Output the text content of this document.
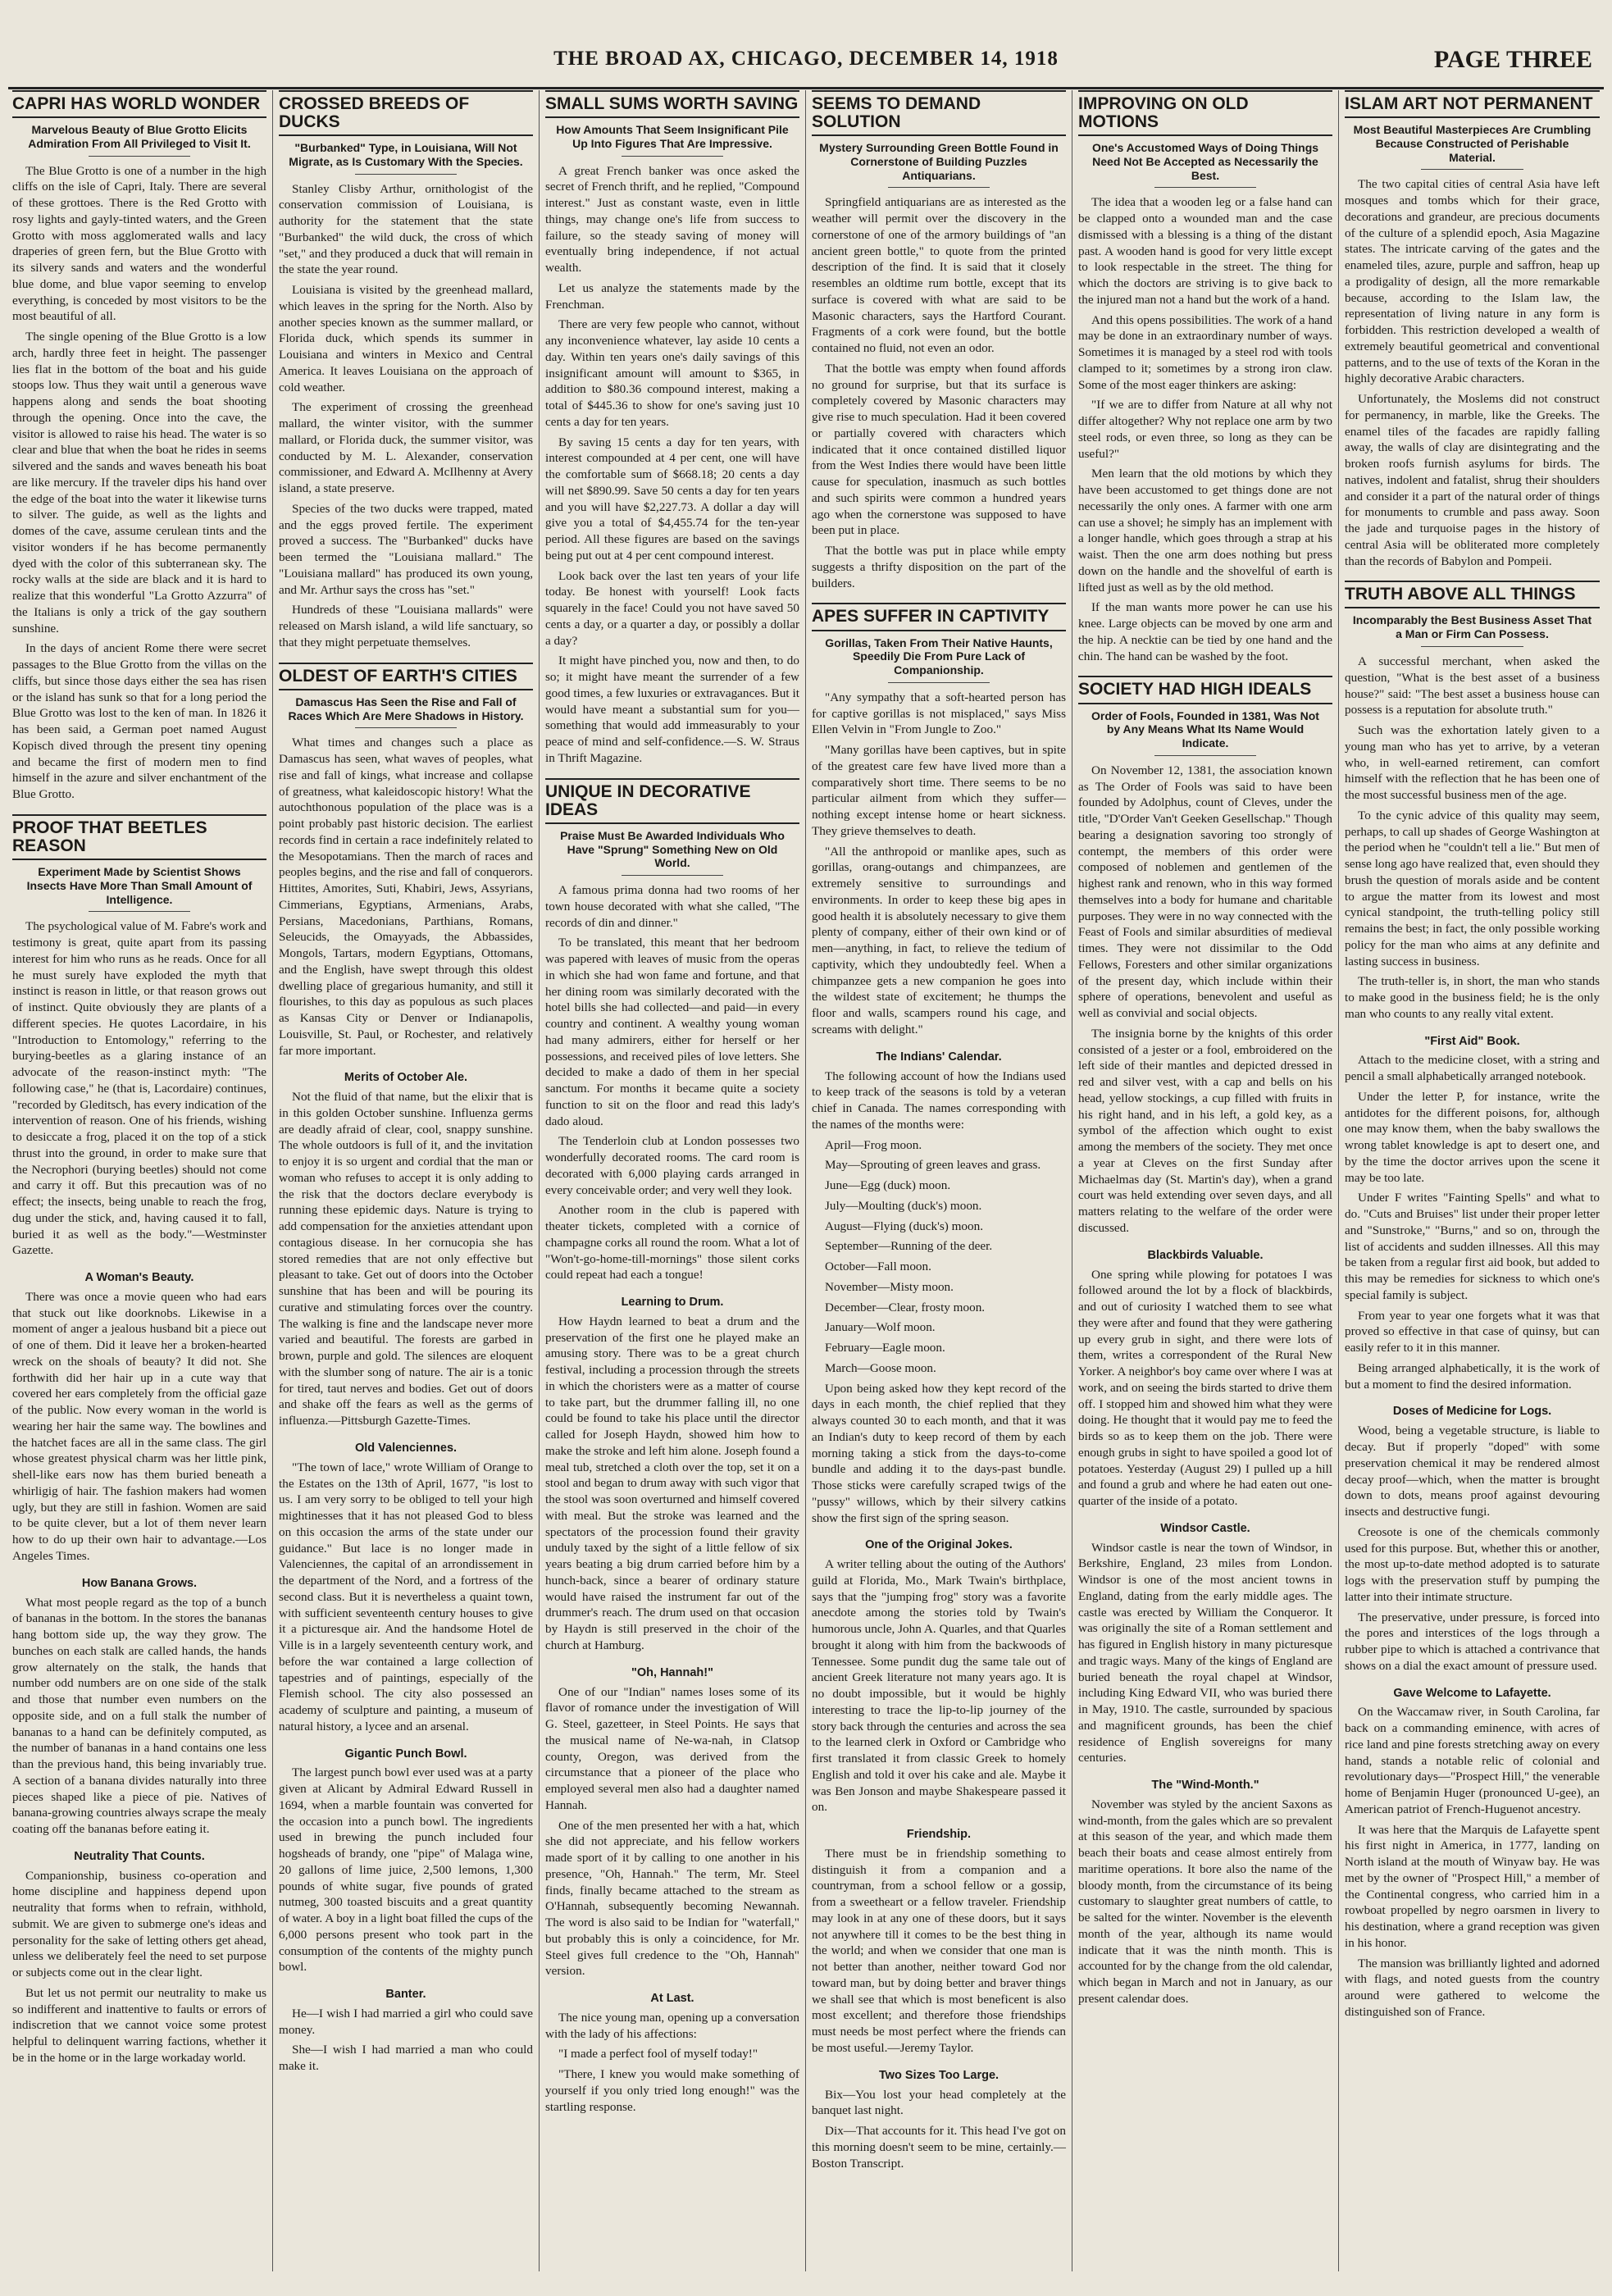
THE BROAD AX, CHICAGO, DECEMBER 14, 1918	PAGE THREE
CAPRI HAS WORLD WONDER
Marvelous Beauty of Blue Grotto Elicits Admiration From All Privileged to Visit It.

The Blue Grotto is one of a number in the high cliffs on the isle of Capri, Italy. There are several of these grottoes. There is the Red Grotto with rosy lights and gayly-tinted waters, and the Green Grotto with moss agglomerated walls and lacy draperies of green fern, but the Blue Grotto with its silvery sands and waters and the wonderful blue dome, and blue vapor seeming to envelop everything, is conceded by most visitors to be the most beautiful of all.

The single opening of the Blue Grotto is a low arch, hardly three feet in height. The passenger lies flat in the bottom of the boat and his guide stoops low. Thus they wait until a generous wave happens along and sends the boat shooting through the opening. Once into the cave, the visitor is allowed to raise his head. The water is so clear and blue that when the boat he rides in seems silvered and the sands and waves beneath his boat are like mercury. If the traveler dips his hand over the edge of the boat into the water it likewise turns to silver. The guide, as well as the lights and domes of the cave, assume cerulean tints and the visitor wonders if he has become permanently dyed with the color of this subterranean sky. The rocky walls at the side are black and it is hard to realize that this wonderful "La Grotto Azzurra" of the Italians is only a trick of the gay southern sunshine.

In the days of ancient Rome there were secret passages to the Blue Grotto from the villas on the cliffs, but since those days either the sea has risen or the island has sunk so that for a long period the Blue Grotto was lost to the ken of man. In 1826 it has been said, a German poet named August Kopisch dived through the present tiny opening and became the first of modern men to find himself in the azure and silver enchantment of the Blue Grotto.

PROOF THAT BEETLES REASON
Experiment Made by Scientist Shows Insects Have More Than Small Amount of Intelligence.

The psychological value of M. Fabre's work and testimony is great, quite apart from its passing interest for him who runs as he reads. Once for all he must surely have exploded the myth that instinct is reason in little, or that reason grows out of instinct. Quite obviously they are plants of a different species. He quotes Lacordaire, in his "Introduction to Entomology," referring to the burying-beetles as a glaring instance of an advocate of the reason-instinct myth: "The following case," he (that is, Lacordaire) continues, "recorded by Gleditsch, has every indication of the intervention of reason. One of his friends, wishing to desiccate a frog, placed it on the top of a stick thrust into the ground, in order to make sure that the Necrophori (burying beetles) should not come and carry it off. But this precaution was of no effect; the insects, being unable to reach the frog, dug under the stick, and, having caused it to fall, buried it as well as the body."—Westminster Gazette.

A Woman's Beauty.

There was once a movie queen who had ears that stuck out like doorknobs. Likewise in a moment of anger a jealous husband bit a piece out of one of them. Did it leave her a broken-hearted wreck on the shoals of beauty? It did not. She forthwith did her hair up in a cute way that covered her ears completely from the official gaze of the public. Now every woman in the world is wearing her hair the same way. The bowlines and the hatchet faces are all in the same class. The girl whose greatest physical charm was her little pink, shell-like ears now has them buried beneath a whirligig of hair. The fashion makers had women ugly, but they are still in fashion. Women are said to be quite clever, but a lot of them never learn how to do up their own hair to advantage.—Los Angeles Times.

How Banana Grows.

What most people regard as the top of a bunch of bananas in the bottom. In the stores the bananas hang bottom side up, the way they grow. The bunches on each stalk are called hands, the hands grow alternately on the stalk, the hands that number odd numbers are on one side of the stalk and those that number even numbers on the opposite side, and on a full stalk the number of bananas to a hand can be definitely computed, as the number of bananas in a hand contains one less than the previous hand, this being invariably true. A section of a banana divides naturally into three pieces shaped like a piece of pie. Natives of banana-growing countries always scrape the mealy coating off the bananas before eating it.

Neutrality That Counts.

Companionship, business co-operation and home discipline and happiness depend upon neutrality that forms when to refrain, withhold, submit. We are given to submerge one's ideas and personality for the sake of letting others get ahead, unless we deliberately feel the need to set purpose or subjects come out in the clear light.

But let us not permit our neutrality to make us so indifferent and inattentive to faults or errors of indiscretion that we cannot voice some protest helpful to delinquent warring factions, whether it be in the home or in the large workaday world.

CROSSED BREEDS OF DUCKS
"Burbanked" Type, in Louisiana, Will Not Migrate, as Is Customary With the Species.

Stanley Clisby Arthur, ornithologist of the conservation commission of Louisiana, is authority for the statement that the state "Burbanked" the wild duck, the cross of which "set," and they produced a duck that will remain in the state the year round.

Louisiana is visited by the greenhead mallard, which leaves in the spring for the North. Also by another species known as the summer mallard, or Florida duck, which spends its summer in Louisiana and winters in Mexico and Central America. It leaves Louisiana on the approach of cold weather.

The experiment of crossing the greenhead mallard, the winter visitor, with the summer mallard, or Florida duck, the summer visitor, was conducted by M. L. Alexander, conservation commissioner, and Edward A. McIlhenny at Avery island, a state preserve.

Species of the two ducks were trapped, mated and the eggs proved fertile. The experiment proved a success. The "Burbanked" ducks have been termed the "Louisiana mallard." The "Louisiana mallard" has produced its own young, and Mr. Arthur says the cross has "set."

Hundreds of these "Louisiana mallards" were released on Marsh island, a wild life sanctuary, so that they might perpetuate themselves.

OLDEST OF EARTH'S CITIES
Damascus Has Seen the Rise and Fall of Races Which Are Mere Shadows in History.

What times and changes such a place as Damascus has seen, what waves of peoples, what rise and fall of kings, what increase and collapse of greatness, what kaleidoscopic history! What the autochthonous population of the place was is a point probably past historic decision. The earliest records find in certain a race indefinitely related to the Mesopotamians. Then the march of races and peoples begins, and the rise and fall of conquerors. Hittites, Amorites, Suti, Khabiri, Jews, Assyrians, Cimmerians, Egyptians, Armenians, Arabs, Persians, Macedonians, Parthians, Romans, Seleucids, the Omayyads, the Abbassides, Mongols, Tartars, modern Egyptians, Ottomans, and the English, have swept through this oldest dwelling place of gregarious humanity, and still it flourishes, to this day as populous as such places as Kansas City or Denver or Indianapolis, Louisville, St. Paul, or Rochester, and relatively far more important.

Merits of October Ale.

Not the fluid of that name, but the elixir that is in this golden October sunshine. Influenza germs are deadly afraid of clear, cool, snappy sunshine. The whole outdoors is full of it, and the invitation to enjoy it is so urgent and cordial that the man or woman who refuses to accept it is only adding to the risk that the doctors declare everybody is running these epidemic days. Nature is trying to add compensation for the anxieties attendant upon contagious disease. In her cornucopia she has stored remedies that are not only effective but pleasant to take. Get out of doors into the October sunshine that has been and will be pouring its curative and stimulating forces over the country. The walking is fine and the landscape never more varied and beautiful. The forests are garbed in brown, purple and gold. The silences are eloquent with the slumber song of nature. The air is a tonic for tired, taut nerves and bodies. Get out of doors and shake off the fears as well as the germs of influenza.—Pittsburgh Gazette-Times.

Old Valenciennes.

"The town of lace," wrote William of Orange to the Estates on the 13th of April, 1677, "is lost to us. I am very sorry to be obliged to tell your high mightinesses that it has not pleased God to bless on this occasion the arms of the state under our guidance." But lace is no longer made in Valenciennes, the capital of an arrondissement in the department of the Nord, and a fortress of the second class. But it is nevertheless a quaint town, with sufficient seventeenth century houses to give it a picturesque air. And the handsome Hotel de Ville is in a largely seventeenth century work, and before the war contained a large collection of tapestries and of paintings, especially of the Flemish school. The city also possessed an academy of sculpture and painting, a museum of natural history, a lycee and an arsenal.

Gigantic Punch Bowl.

The largest punch bowl ever used was at a party given at Alicant by Admiral Edward Russell in 1694, when a marble fountain was converted for the occasion into a punch bowl. The ingredients used in brewing the punch included four hogsheads of brandy, one "pipe" of Malaga wine, 20 gallons of lime juice, 2,500 lemons, 1,300 pounds of white sugar, five pounds of grated nutmeg, 300 toasted biscuits and a great quantity of water. A boy in a light boat filled the cups of the 6,000 persons present who took part in the consumption of the contents of the mighty punch bowl.

Banter.

He—I wish I had married a girl who could save money.

She—I wish I had married a man who could make it.

SMALL SUMS WORTH SAVING
How Amounts That Seem Insignificant Pile Up Into Figures That Are Impressive.

A great French banker was once asked the secret of French thrift, and he replied, "Compound interest." Just as constant waste, even in little things, may change one's life from success to failure, so the steady saving of money will eventually bring independence, if not actual wealth.

Let us analyze the statements made by the Frenchman.

There are very few people who cannot, without any inconvenience whatever, lay aside 10 cents a day. Within ten years one's daily savings of this insignificant amount will amount to $365, in addition to $80.36 compound interest, making a total of $445.36 to show for one's saving just 10 cents a day for ten years.

By saving 15 cents a day for ten years, with interest compounded at 4 per cent, one will have the comfortable sum of $668.18; 20 cents a day will net $890.99. Save 50 cents a day for ten years and you will have $2,227.73. A dollar a day will give you a total of $4,455.74 for the ten-year period. All these figures are based on the savings being put out at 4 per cent compound interest.

Look back over the last ten years of your life today. Be honest with yourself! Look facts squarely in the face! Could you not have saved 50 cents a day, or a quarter a day, or possibly a dollar a day?

It might have pinched you, now and then, to do so; it might have meant the surrender of a few good times, a few luxuries or extravagances. But it would have meant a substantial sum for you—something that would add immeasurably to your peace of mind and self-confidence.—S. W. Straus in Thrift Magazine.

UNIQUE IN DECORATIVE IDEAS
Praise Must Be Awarded Individuals Who Have "Sprung" Something New on Old World.

A famous prima donna had two rooms of her town house decorated with what she called, "The records of din and dinner."

To be translated, this meant that her bedroom was papered with leaves of music from the operas in which she had won fame and fortune, and that her dining room was similarly decorated with the hotel bills she had collected—and paid—in every country and continent. A wealthy young woman had many admirers, either for herself or her possessions, and received piles of love letters. She decided to make a dado of them in her special sanctum. For months it became quite a society function to sit on the floor and read this lady's dado aloud.

The Tenderloin club at London possesses two wonderfully decorated rooms. The card room is decorated with 6,000 playing cards arranged in every conceivable order; and very well they look.

Another room in the club is papered with theater tickets, completed with a cornice of champagne corks all round the room. What a lot of "Won't-go-home-till-mornings" those silent corks could repeat had each a tongue!

Learning to Drum.

How Haydn learned to beat a drum and the preservation of the first one he played make an amusing story. There was to be a great church festival, including a procession through the streets in which the choristers were as a matter of course to take part, but the drummer falling ill, no one could be found to take his place until the director called for Joseph Haydn, showed him how to make the stroke and left him alone. Joseph found a meal tub, stretched a cloth over the top, set it on a stool and began to drum away with such vigor that the stool was soon overturned and himself covered with meal. But the stroke was learned and the spectators of the procession found their gravity unduly taxed by the sight of a little fellow of six years beating a big drum carried before him by a hunch-back, since a bearer of ordinary stature would have raised the instrument far out of the drummer's reach. The drum used on that occasion by Haydn is still preserved in the choir of the church at Hamburg.

"Oh, Hannah!"

One of our "Indian" names loses some of its flavor of romance under the investigation of Will G. Steel, gazetteer, in Steel Points. He says that the musical name of Ne-wa-nah, in Clatsop county, Oregon, was derived from the circumstance that a pioneer of the place who employed several men also had a daughter named Hannah.

One of the men presented her with a hat, which she did not appreciate, and his fellow workers made sport of it by calling to one another in his presence, "Oh, Hannah." The term, Mr. Steel finds, finally became attached to the stream as O'Hannah, subsequently becoming Newannah. The word is also said to be Indian for "waterfall," but probably this is only a coincidence, for Mr. Steel gives full credence to the "Oh, Hannah" version.

At Last.

The nice young man, opening up a conversation with the lady of his affections:

"I made a perfect fool of myself today!"

"There, I knew you would make something of yourself if you only tried long enough!" was the startling response.

SEEMS TO DEMAND SOLUTION
Mystery Surrounding Green Bottle Found in Cornerstone of Building Puzzles Antiquarians.

Springfield antiquarians are as interested as the weather will permit over the discovery in the cornerstone of one of the armory buildings of "an ancient green bottle," to quote from the printed description of the find. It is said that it closely resembles an oldtime rum bottle, except that its surface is covered with what are said to be Masonic characters, says the Hartford Courant. Fragments of a cork were found, but the bottle contained no fluid, not even an odor.

That the bottle was empty when found affords no ground for surprise, but that its surface is completely covered by Masonic characters may give rise to much speculation. Had it been covered or partially covered with characters which indicated that it once contained distilled liquor from the West Indies there would have been little cause for speculation, inasmuch as such bottles and such spirits were common a hundred years ago when the cornerstone was supposed to have been put in place.

That the bottle was put in place while empty suggests a thrifty disposition on the part of the builders.

APES SUFFER IN CAPTIVITY
Gorillas, Taken From Their Native Haunts, Speedily Die From Pure Lack of Companionship.

"Any sympathy that a soft-hearted person has for captive gorillas is not misplaced," says Miss Ellen Velvin in "From Jungle to Zoo."

"Many gorillas have been captives, but in spite of the greatest care few have lived more than a comparatively short time. There seems to be no particular ailment from which they suffer—nothing except intense home or heart sickness. They grieve themselves to death.

"All the anthropoid or manlike apes, such as gorillas, orang-outangs and chimpanzees, are extremely sensitive to surroundings and environments. In order to keep these big apes in good health it is absolutely necessary to give them plenty of company, either of their own kind or of men—anything, in fact, to relieve the tedium of captivity, which they undoubtedly feel. When a chimpanzee gets a new companion he goes into the wildest state of excitement; he thumps the floor and walls, scampers round his cage, and screams with delight."

The Indians' Calendar.

The following account of how the Indians used to keep track of the seasons is told by a veteran chief in Canada. The names corresponding with the names of the months were:

April—Frog moon.

May—Sprouting of green leaves and grass.

June—Egg (duck) moon.

July—Moulting (duck's) moon.

August—Flying (duck's) moon.

September—Running of the deer.

October—Fall moon.

November—Misty moon.

December—Clear, frosty moon.

January—Wolf moon.

February—Eagle moon.

March—Goose moon.

Upon being asked how they kept record of the days in each month, the chief replied that they always counted 30 to each month, and that it was an Indian's duty to keep record of them by each morning taking a stick from the days-to-come bundle and adding it to the days-past bundle. Those sticks were carefully scraped twigs of the "pussy" willows, which by their silvery catkins show the first sign of the spring season.

One of the Original Jokes.

A writer telling about the outing of the Authors' guild at Florida, Mo., Mark Twain's birthplace, says that the "jumping frog" story was a favorite anecdote among the stories told by Twain's humorous uncle, John A. Quarles, and that Quarles brought it along with him from the backwoods of Tennessee. Some pundit dug the same tale out of ancient Greek literature not many years ago. It is no doubt impossible, but it would be highly interesting to trace the lip-to-lip journey of the story back through the centuries and across the sea to the learned clerk in Oxford or Cambridge who first translated it from classic Greek to homely English and told it over his cake and ale. Maybe it was Ben Jonson and maybe Shakespeare passed it on.

Friendship.

There must be in friendship something to distinguish it from a companion and a countryman, from a school fellow or a gossip, from a sweetheart or a fellow traveler. Friendship may look in at any one of these doors, but it says not anywhere till it comes to be the best thing in the world; and when we consider that one man is not better than another, neither toward God nor toward man, but by doing better and braver things we shall see that which is most beneficent is also most excellent; and therefore those friendships must needs be most perfect where the friends can be most useful.—Jeremy Taylor.

Two Sizes Too Large.

Bix—You lost your head completely at the banquet last night.

Dix—That accounts for it. This head I've got on this morning doesn't seem to be mine, certainly.—Boston Transcript.

IMPROVING ON OLD MOTIONS
One's Accustomed Ways of Doing Things Need Not Be Accepted as Necessarily the Best.

The idea that a wooden leg or a false hand can be clapped onto a wounded man and the case dismissed with a blessing is a thing of the distant past. A wooden hand is good for very little except to look respectable in the street. The thing for which the doctors are striving is to give back to the injured man not a hand but the work of a hand.

And this opens possibilities. The work of a hand may be done in an extraordinary number of ways. Sometimes it is managed by a steel rod with tools clamped to it; sometimes by a strong iron claw. Some of the most eager thinkers are asking:

"If we are to differ from Nature at all why not differ altogether? Why not replace one arm by two steel rods, or even three, so long as they can be useful?"

Men learn that the old motions by which they have been accustomed to get things done are not necessarily the only ones. A farmer with one arm can use a shovel; he simply has an implement with a longer handle, which goes through a strap at his waist. Then the one arm does nothing but press down on the handle and the shovelful of earth is lifted just as well as by the old method.

If the man wants more power he can use his knee. Large objects can be moved by one arm and the hip. A necktie can be tied by one hand and the chin. The hand can be washed by the foot.

SOCIETY HAD HIGH IDEALS
Order of Fools, Founded in 1381, Was Not by Any Means What Its Name Would Indicate.

On November 12, 1381, the association known as The Order of Fools was said to have been founded by Adolphus, count of Cleves, under the title, "D'Order Van't Geeken Gesellschap." Though bearing a designation savoring too strongly of contempt, the members of this order were composed of noblemen and gentlemen of the highest rank and renown, who in this way formed themselves into a body for humane and charitable purposes. They were in no way connected with the Feast of Fools and similar absurdities of medieval times. They were not dissimilar to the Odd Fellows, Foresters and other similar organizations of the present day, which include within their sphere of operations, benevolent and useful as well as convivial and social objects.

The insignia borne by the knights of this order consisted of a jester or a fool, embroidered on the left side of their mantles and depicted dressed in red and silver vest, with a cap and bells on his head, yellow stockings, a cup filled with fruits in his right hand, and in his left, a gold key, as a symbol of the affection which ought to exist among the members of the society. They met once a year at Cleves on the first Sunday after Michaelmas day (St. Martin's day), when a grand court was held extending over seven days, and all matters relating to the welfare of the order were discussed.

Blackbirds Valuable.

One spring while plowing for potatoes I was followed around the lot by a flock of blackbirds, and out of curiosity I watched them to see what they were after and found that they were gathering up every grub in sight, and there were lots of them, writes a correspondent of the Rural New Yorker. A neighbor's boy came over where I was at work, and on seeing the birds started to drive them off. I stopped him and showed him what they were doing. He thought that it would pay me to feed the birds so as to keep them on the job. There were enough grubs in sight to have spoiled a good lot of potatoes. Yesterday (August 29) I pulled up a hill and found a grub and where he had eaten out one-quarter of the inside of a potato.

Windsor Castle.

Windsor castle is near the town of Windsor, in Berkshire, England, 23 miles from London. Windsor is one of the most ancient towns in England, dating from the early middle ages. The castle was erected by William the Conqueror. It was originally the site of a Roman settlement and has figured in English history in many picturesque and tragic ways. Many of the kings of England are buried beneath the royal chapel at Windsor, including King Edward VII, who was buried there in May, 1910. The castle, surrounded by spacious and magnificent grounds, has been the chief residence of English sovereigns for many centuries.

The "Wind-Month."

November was styled by the ancient Saxons as wind-month, from the gales which are so prevalent at this season of the year, and which made them beach their boats and cease almost entirely from maritime operations. It bore also the name of the bloody month, from the circumstance of its being customary to slaughter great numbers of cattle, to be salted for the winter. November is the eleventh month of the year, although its name would indicate that it was the ninth month. This is accounted for by the change from the old calendar, which began in March and not in January, as our present calendar does.

ISLAM ART NOT PERMANENT
Most Beautiful Masterpieces Are Crumbling Because Constructed of Perishable Material.

The two capital cities of central Asia have left mosques and tombs which for their grace, decorations and grandeur, are precious documents of the culture of a splendid epoch, Asia Magazine states. The intricate carving of the gates and the enameled tiles, azure, purple and saffron, heap up a prodigality of design, all the more remarkable because, according to the Islam law, the representation of living nature in any form is forbidden. This restriction developed a wealth of extremely beautiful geometrical and conventional patterns, and to the use of texts of the Koran in the highly decorative Arabic characters.

Unfortunately, the Moslems did not construct for permanency, in marble, like the Greeks. The enamel tiles of the facades are rapidly falling away, the walls of clay are disintegrating and the broken roofs furnish asylums for birds. The natives, indolent and fatalist, shrug their shoulders and consider it a part of the natural order of things for monuments to crumble and pass away. Soon the jade and turquoise pages in the history of central Asia will be obliterated more completely than the records of Babylon and Pompeii.

TRUTH ABOVE ALL THINGS
Incomparably the Best Business Asset That a Man or Firm Can Possess.

A successful merchant, when asked the question, "What is the best asset of a business house?" said: "The best asset a business house can possess is a reputation for absolute truth."

Such was the exhortation lately given to a young man who has yet to arrive, by a veteran who, in well-earned retirement, can comfort himself with the reflection that he has been one of the most successful business men of the age.

To the cynic advice of this quality may seem, perhaps, to call up shades of George Washington at the period when he "couldn't tell a lie." But men of sense long ago have realized that, even should they brush the question of morals aside and be content to argue the matter from its lowest and most cynical standpoint, the truth-telling policy still remains the best; in fact, the only possible working policy for the man who aims at any definite and lasting success in business.

The truth-teller is, in short, the man who stands to make good in the business field; he is the only man who counts to any really vital extent.

"First Aid" Book.

Attach to the medicine closet, with a string and pencil a small alphabetically arranged notebook.

Under the letter P, for instance, write the antidotes for the different poisons, for, although one may know them, when the baby swallows the wrong tablet knowledge is apt to desert one, and by the time the doctor arrives upon the scene it may be too late.

Under F writes "Fainting Spells" and what to do. "Cuts and Bruises" list under their proper letter and "Sunstroke," "Burns," and so on, through the list of accidents and sudden illnesses. All this may be taken from a regular first aid book, but added to this may be remedies for sickness to which one's special family is subject.

From year to year one forgets what it was that proved so effective in that case of quinsy, but can easily refer to it in this manner.

Being arranged alphabetically, it is the work of but a moment to find the desired information.

Doses of Medicine for Logs.

Wood, being a vegetable structure, is liable to decay. But if properly "doped" with some preservation chemical it may be rendered almost decay proof—which, when the matter is brought down to dots, means proof against devouring insects and destructive fungi.

Creosote is one of the chemicals commonly used for this purpose. But, whether this or another, the most up-to-date method adopted is to saturate logs with the preservation stuff by pumping the latter into their intimate structure.

The preservative, under pressure, is forced into the pores and interstices of the logs through a rubber pipe to which is attached a contrivance that shows on a dial the exact amount of pressure used.

Gave Welcome to Lafayette.

On the Waccamaw river, in South Carolina, far back on a commanding eminence, with acres of rice land and pine forests stretching away on every hand, stands a notable relic of colonial and revolutionary days—"Prospect Hill," the venerable home of Benjamin Huger (pronounced U-gee), an American patriot of French-Huguenot ancestry.

It was here that the Marquis de Lafayette spent his first night in America, in 1777, landing on North island at the mouth of Winyaw bay. He was met by the owner of "Prospect Hill," a member of the Continental congress, who carried him in a rowboat propelled by negro oarsmen in livery to his destination, where a grand reception was given in his honor.

The mansion was brilliantly lighted and adorned with flags, and noted guests from the country around were gathered to welcome the distinguished son of France.
